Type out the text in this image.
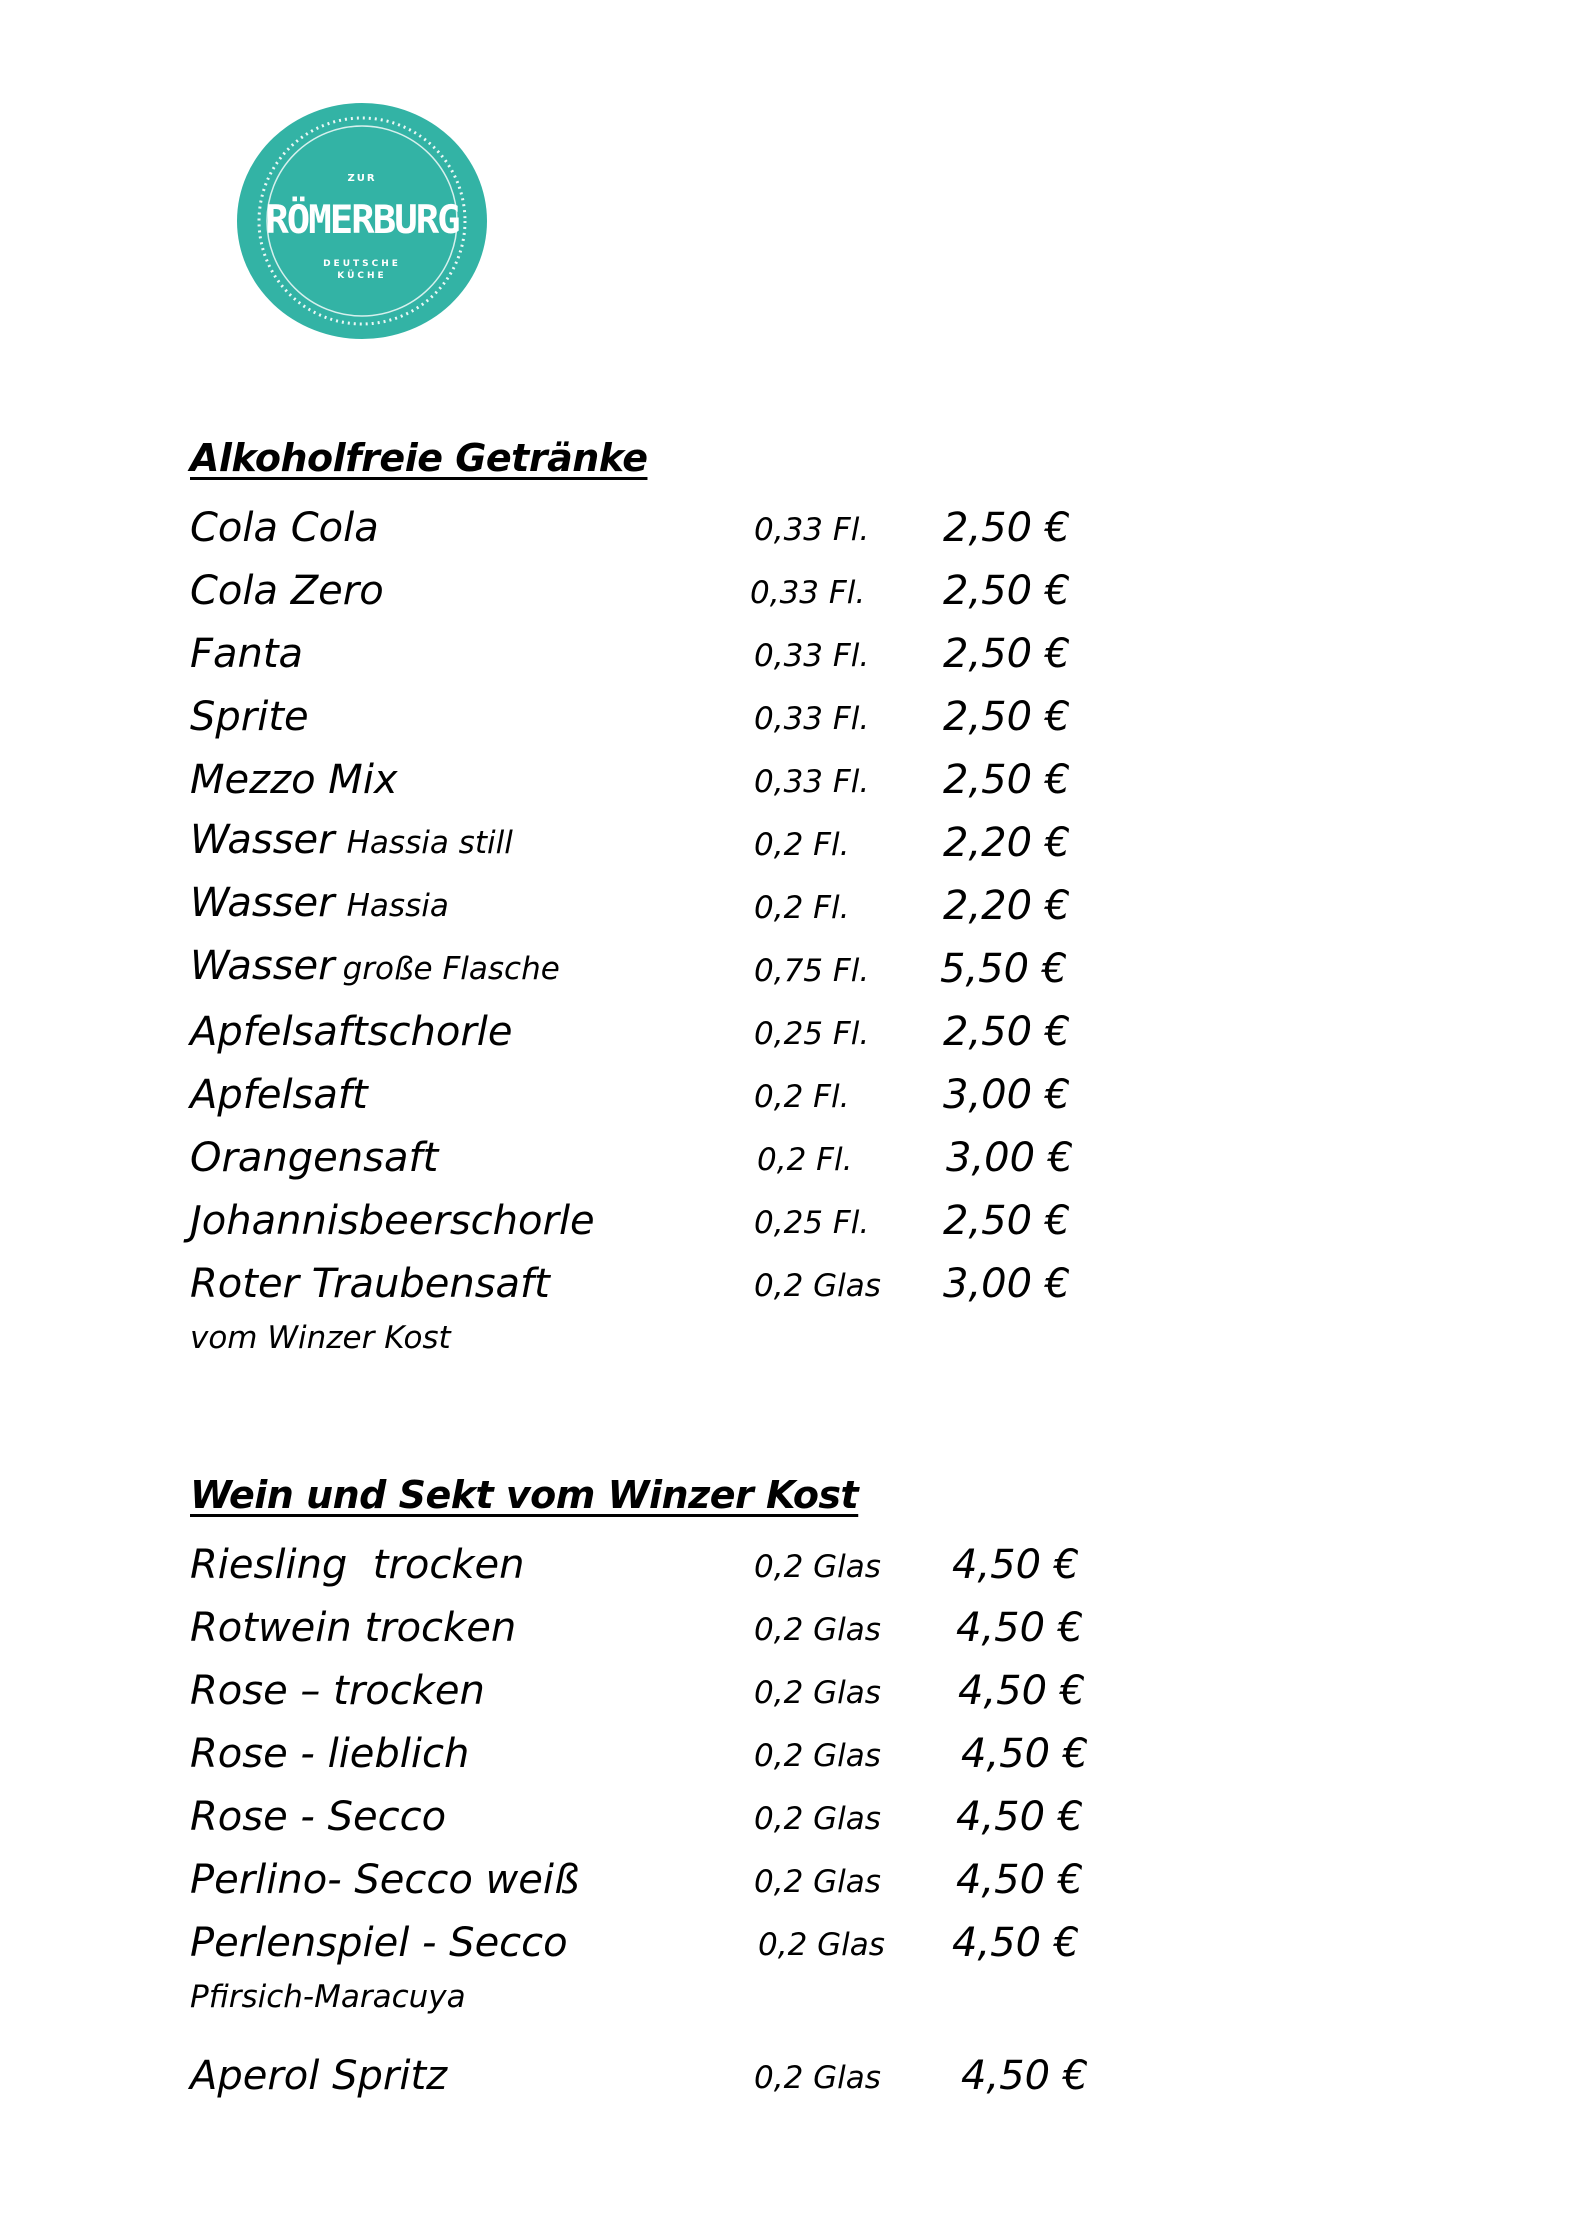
ZUR
RÖMERBURG
DEUTSCHE
KÜCHE
Alkoholfreie Getränke
Cola Cola	0,33 Fl. 2,50 €
Cola Zero	0,33 Fl. 2,50 €
Fanta	0,33 Fl. 2,50 €
Sprite	0,33 Fl. 2,50 €
Mezzo Mix	0,33 Fl. 2,50 €
Wasser Hassia still	0,2 Fl. 2,20 €
Wasser Hassia	0,2 Fl. 2,20 €
Wasser große Flasche	0,75 Fl. 5,50 €
Apfelsaftschorle	0,25 Fl. 2,50 €
Apfelsaft	0,2 Fl. 3,00 €
Orangensaft	0,2 Fl. 3,00 €
Johannisbeerschorle	0,25 Fl. 2,50 €
Roter Traubensaft	0,2 Glas 3,00 €
vom Winzer Kost
Wein und Sekt vom Winzer Kost
Riesling  trocken	0,2 Glas 4,50 €
Rotwein trocken	0,2 Glas 4,50 €
Rose – trocken	0,2 Glas 4,50 €
Rose - lieblich	0,2 Glas 4,50 €
Rose - Secco	0,2 Glas 4,50 €
Perlino- Secco weiß	0,2 Glas 4,50 €
Perlenspiel - Secco	0,2 Glas 4,50 €
Pfirsich-Maracuya
Aperol Spritz	0,2 Glas 4,50 €
